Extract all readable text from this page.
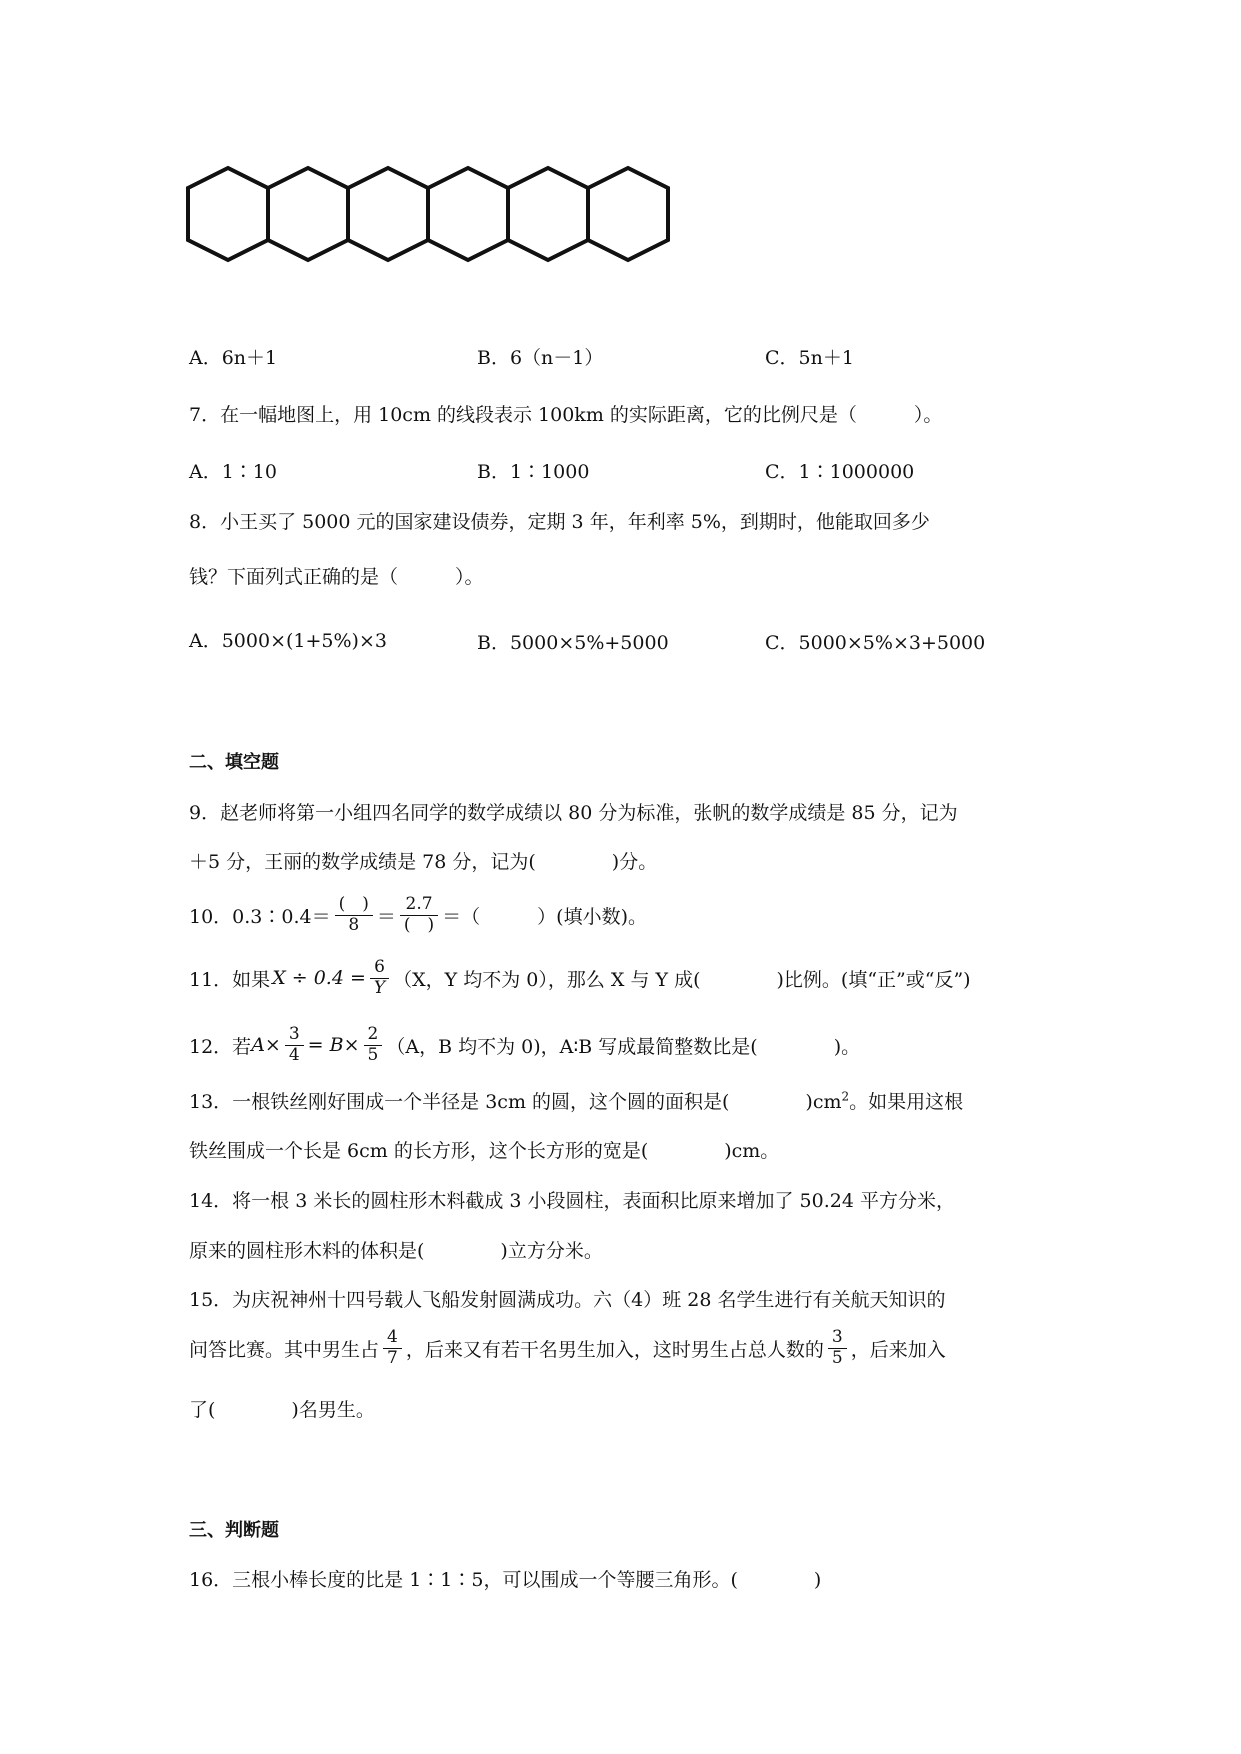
A．6n＋1	B．6（n－1）	C．5n＋1
7．在一幅地图上，用 10cm 的线段表示 100km 的实际距离，它的比例尺是（　　　）。
A．1∶10	B．1∶1000	C．1∶1000000
8．小王买了 5000 元的国家建设债券，定期 3 年，年利率 5%，到期时，他能取回多少
钱？下面列式正确的是（　　　）。
A．5000×(1+5%)×3	B．5000×5%+5000	C．5000×5%×3+5000
二、填空题
9．赵老师将第一小组四名同学的数学成绩以 80 分为标准，张帆的数学成绩是 85 分，记为
＋5 分，王丽的数学成绩是 78 分，记为(　　　　)分。
10．0.3∶0.4＝ $\frac{( )}{8} = \frac{2.7}{( )}$ ＝（　　　）(填小数)。
11．如果 $X \div 0.4 = \frac{6}{Y} (X$，Y 均不为 0），那么 X 与 Y 成(　　　　)比例。(填“正”或“反”)
12．若 $A\times \frac{3}{4} = B\times \frac{2}{5} (A$，B 均不为 0)，A∶B 写成最简整数比是(　　　　)。
13．一根铁丝刚好围成一个半径是 3cm 的圆，这个圆的面积是(　　　　)$cm^2$。如果用这根
铁丝围成一个长是 6cm 的长方形，这个长方形的宽是(　　　　)cm。
14．将一根 3 米长的圆柱形木料截成 3 小段圆柱，表面积比原来增加了 50.24 平方分米，
原来的圆柱形木料的体积是(　　　　)立方分米。
15．为庆祝神州十四号载人飞船发射圆满成功。六（4）班 28 名学生进行有关航天知识的
问答比赛。其中男生占 $\frac{4}{7}$ ，后来又有若干名男生加入，这时男生占总人数的 $\frac{3}{5}$ ，后来加入
了(　　　　)名男生。
三、判断题
16．三根小棒长度的比是 1∶1∶5，可以围成一个等腰三角形。(　　　　)
